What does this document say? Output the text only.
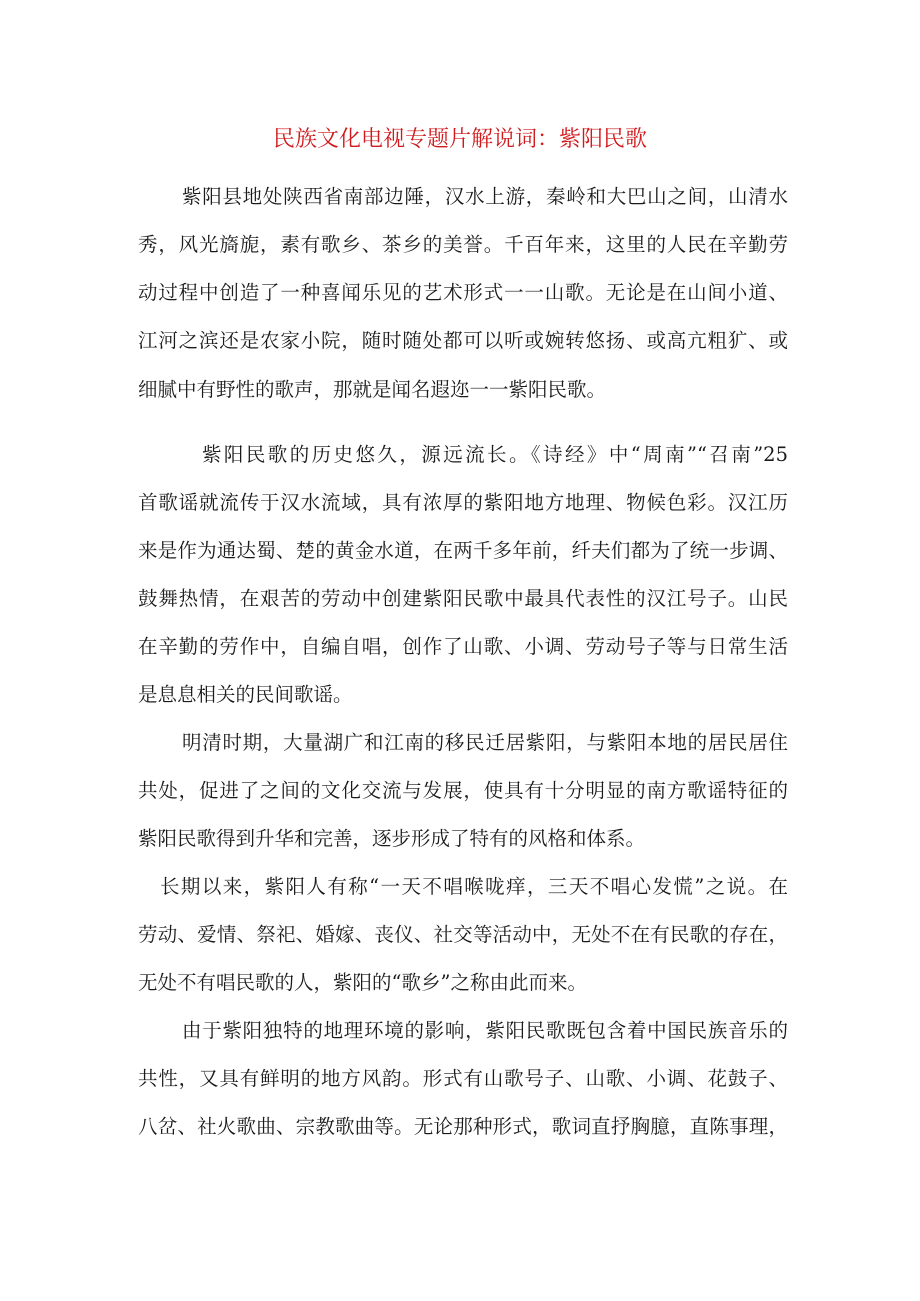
民族文化电视专题片解说词：紫阳民歌
紫阳县地处陕西省南部边陲，汉水上游，秦岭和大巴山之间，山清水
秀，风光旖旎，素有歌乡、茶乡的美誉。千百年来，这里的人民在辛勤劳
动过程中创造了一种喜闻乐见的艺术形式一一山歌。无论是在山间小道、
江河之滨还是农家小院，随时随处都可以听或婉转悠扬、或高亢粗犷、或
细腻中有野性的歌声，那就是闻名遐迩一一紫阳民歌。
紫阳民歌的历史悠久，源远流长。《诗经》中“周南”“召南”25
首歌谣就流传于汉水流域，具有浓厚的紫阳地方地理、物候色彩。汉江历
来是作为通达蜀、楚的黄金水道，在两千多年前，纤夫们都为了统一步调、
鼓舞热情，在艰苦的劳动中创建紫阳民歌中最具代表性的汉江号子。山民
在辛勤的劳作中，自编自唱，创作了山歌、小调、劳动号子等与日常生活
是息息相关的民间歌谣。
明清时期，大量湖广和江南的移民迁居紫阳，与紫阳本地的居民居住
共处，促进了之间的文化交流与发展，使具有十分明显的南方歌谣特征的
紫阳民歌得到升华和完善，逐步形成了特有的风格和体系。
长期以来，紫阳人有称“一天不唱喉咙痒，三天不唱心发慌”之说。在
劳动、爱情、祭祀、婚嫁、丧仪、社交等活动中，无处不在有民歌的存在，
无处不有唱民歌的人，紫阳的“歌乡”之称由此而来。
由于紫阳独特的地理环境的影响，紫阳民歌既包含着中国民族音乐的
共性，又具有鲜明的地方风韵。形式有山歌号子、山歌、小调、花鼓子、
八岔、社火歌曲、宗教歌曲等。无论那种形式，歌词直抒胸臆，直陈事理，
